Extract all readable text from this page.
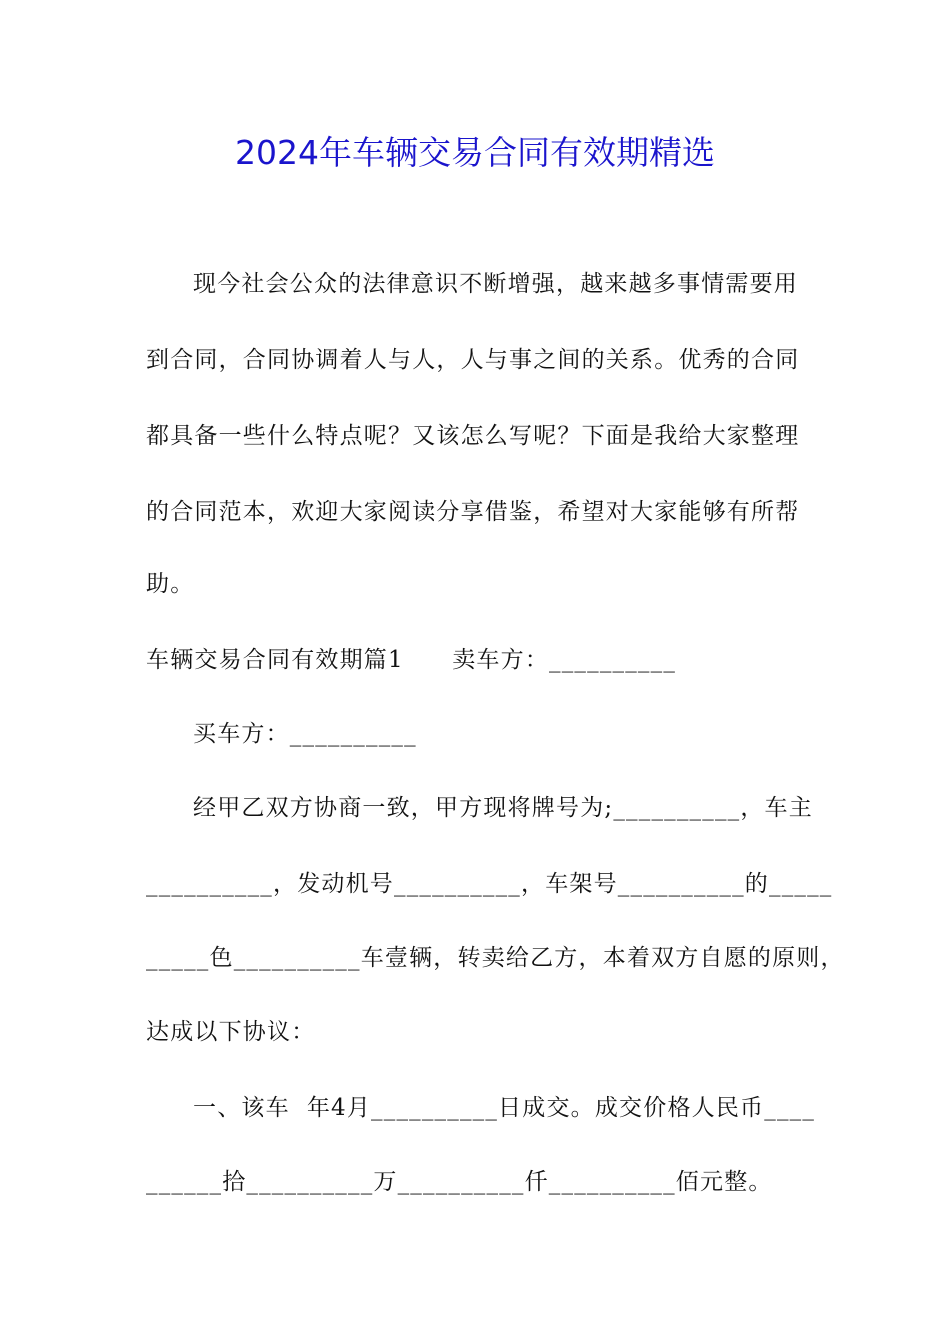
2024年车辆交易合同有效期精选
现今社会公众的法律意识不断增强，越来越多事情需要用
到合同，合同协调着人与人，人与事之间的关系。优秀的合同
都具备一些什么特点呢？又该怎么写呢？下面是我给大家整理
的合同范本，欢迎大家阅读分享借鉴，希望对大家能够有所帮
助。
车辆交易合同有效期篇1　　卖车方：__________
买车方：__________
经甲乙双方协商一致，甲方现将牌号为;__________，车主
__________，发动机号__________，车架号__________的_____
_____色__________车壹辆，转卖给乙方，本着双方自愿的原则，
达成以下协议：
一、该车  年4月__________日成交。成交价格人民币____
______拾__________万__________仟__________佰元整。
